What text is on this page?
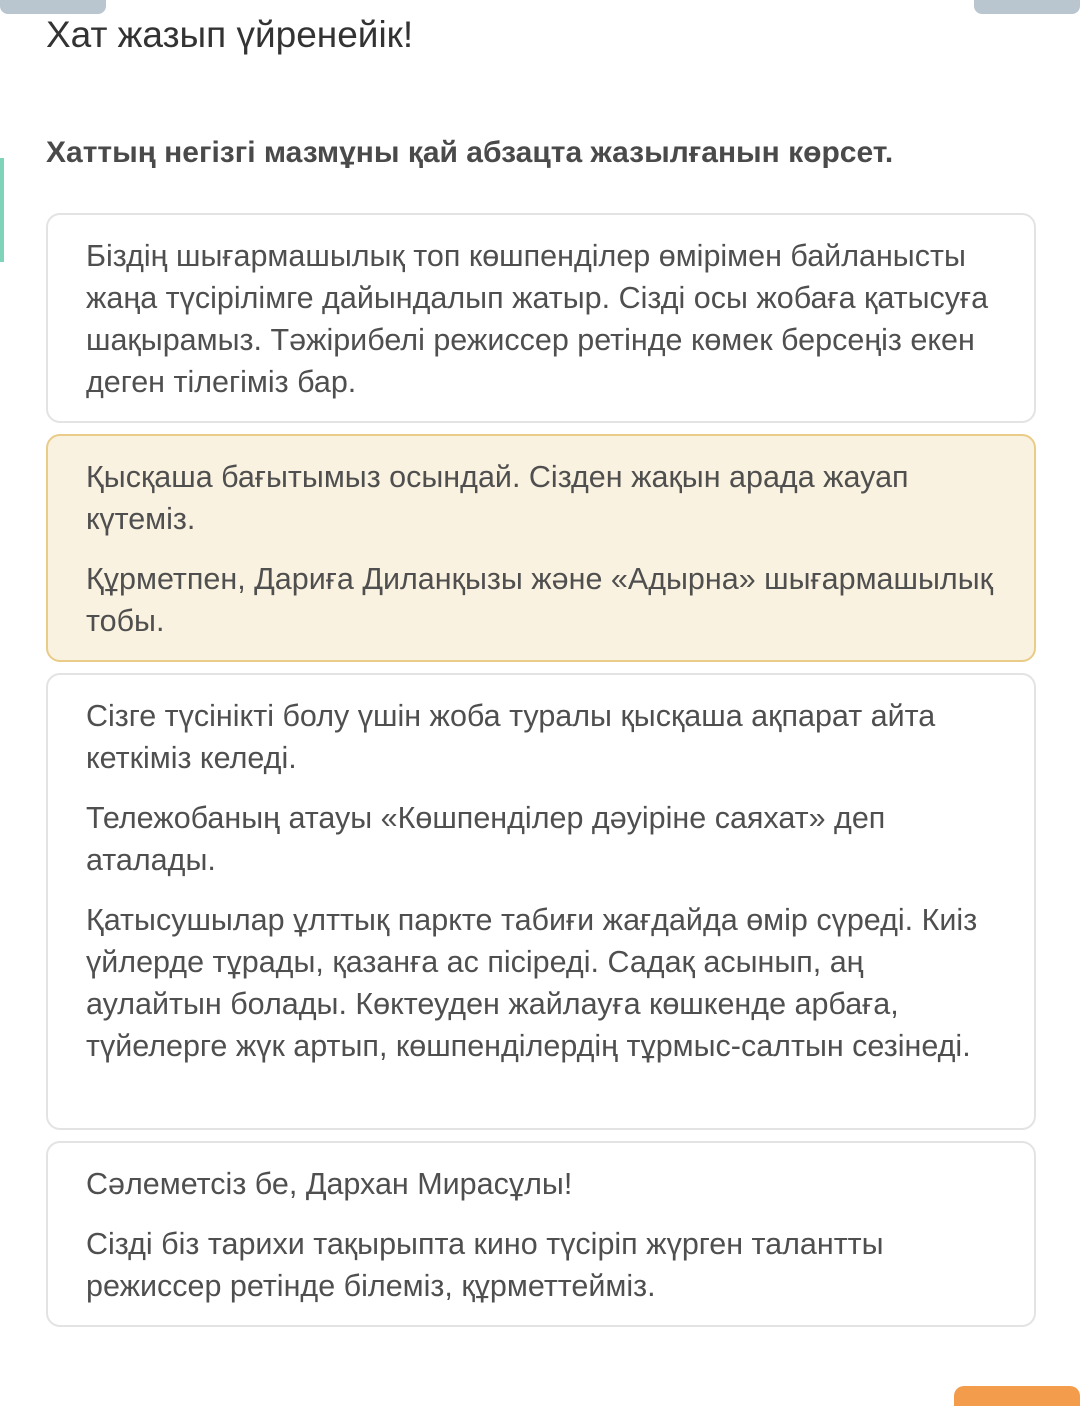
Хат жазып үйренейік!
Хаттың негізгі мазмұны қай абзацта жазылғанын көрсет.

Біздің шығармашылық топ көшпенділер өмірімен байланысты жаңа түсірілімге дайындалып жатыр. Сізді осы жобаға қатысуға шақырамыз. Тәжірибелі режиссер ретінде көмек берсеңіз екен деген тілегіміз бар.

Қысқаша бағытымыз осындай. Сізден жақын арада жауап күтеміз.

Құрметпен, Дариға Диланқызы және «Адырна» шығармашылық тобы.

Сізге түсінікті болу үшін жоба туралы қысқаша ақпарат айта кеткіміз келеді.

Тележобаның атауы «Көшпенділер дәуіріне саяхат» деп аталады.

Қатысушылар ұлттық паркте табиғи жағдайда өмір сүреді. Киіз үйлерде тұрады, қазанға ас пісіреді. Садақ асынып, аң аулайтын болады. Көктеуден жайлауға көшкенде арбаға, түйелерге жүк артып, көшпенділердің тұрмыс-салтын сезінеді.

Сәлеметсіз бе, Дархан Мирасұлы!

Сізді біз тарихи тақырыпта кино түсіріп жүрген талантты режиссер ретінде білеміз, құрметтейміз.
